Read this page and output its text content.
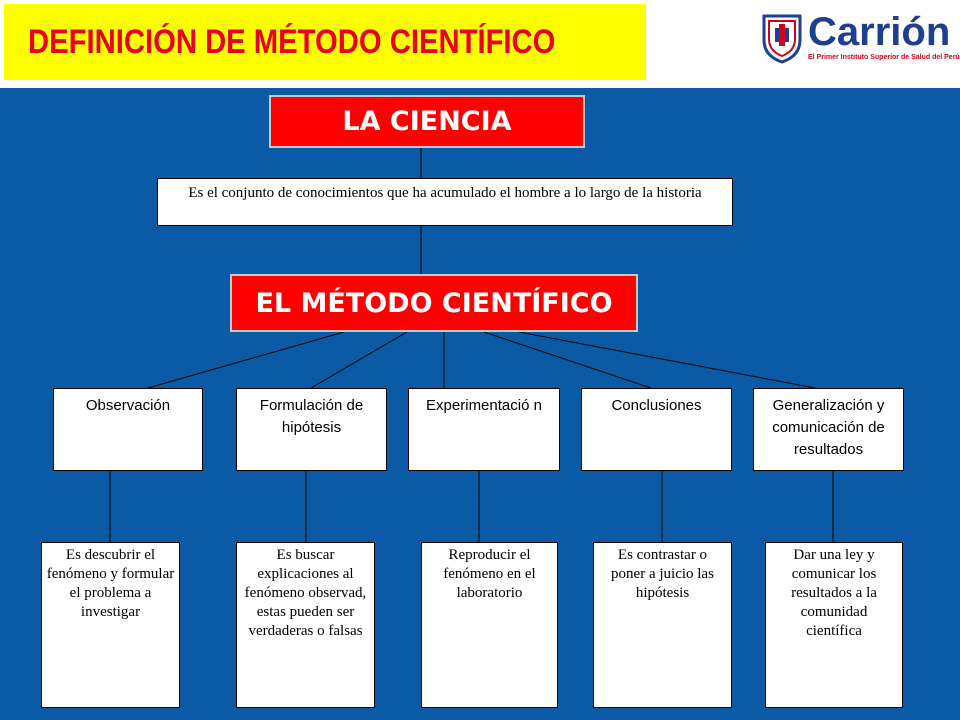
DEFINICIÓN DE MÉTODO CIENTÍFICO	Carrión
El Primer Instituto Superior de Salud del Perú
LA CIENCIA
Es el conjunto de conocimientos que ha acumulado el hombre a lo largo de la historia
EL MÉTODO CIENTÍFICO
Observación	Formulación de hipótesis
Experimentació n	Conclusiones	Generalización y comunicación de resultados
Es descubrir el fenómeno y formular el problema a investigar
Es buscar explicaciones al fenómeno observad, estas pueden ser verdaderas o falsas
Reproducir el fenómeno en el laboratorio
Es contrastar o poner a juicio las hipótesis
Dar una ley y comunicar los resultados a la comunidad científica
